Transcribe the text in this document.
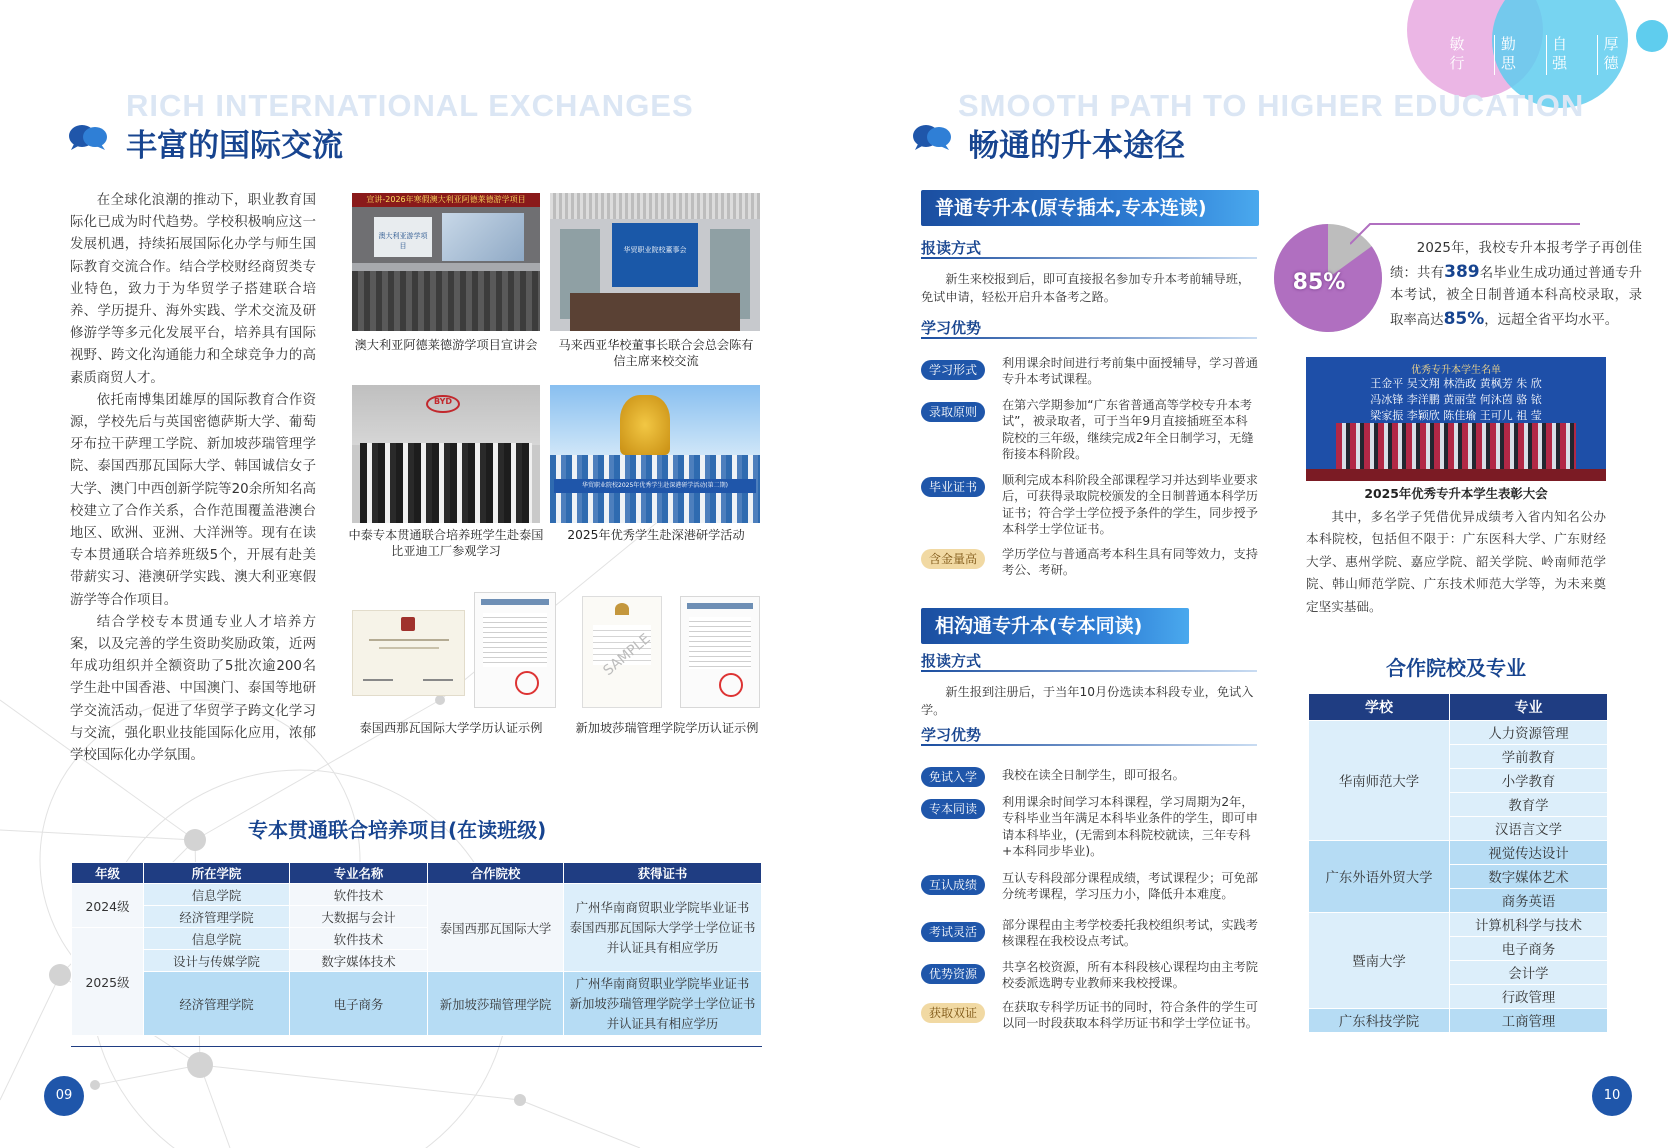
敏行
勤思
自强
厚德
RICH INTERNATIONAL EXCHANGES
丰富的国际交流

在全球化浪潮的推动下，职业教育国际化已成为时代趋势。学校积极响应这一发展机遇，持续拓展国际化办学与师生国际教育交流合作。结合学校财经商贸类专业特色，致力于为华贸学子搭建联合培养、学历提升、海外实践、学术交流及研修游学等多元化发展平台，培养具有国际视野、跨文化沟通能力和全球竞争力的高素质商贸人才。

依托南博集团雄厚的国际教育合作资源，学校先后与英国密德萨斯大学、葡萄牙布拉干萨理工学院、新加坡莎瑞管理学院、泰国西那瓦国际大学、韩国诚信女子大学、澳门中西创新学院等20余所知名高校建立了合作关系，合作范围覆盖港澳台地区、欧洲、亚洲、大洋洲等。现有在读专本贯通联合培养班级5个，开展有赴美带薪实习、港澳研学实践、澳大利亚寒假游学等合作项目。

结合学校专本贯通专业人才培养方案，以及完善的学生资助奖励政策，近两年成功组织并全额资助了5批次逾200名学生赴中国香港、中国澳门、泰国等地研学交流活动，促进了华贸学子跨文化学习与交流，强化职业技能国际化应用，浓郁学校国际化办学氛围。

宣讲-2026年寒假澳大利亚阿德莱德游学项目
澳大利亚游学项目
澳大利亚阿德莱德游学项目宣讲会
华贸职业院校董事会
马来西亚华校董事长联合会总会陈有信主席来校交流
BYD
中泰专本贯通联合培养班学生赴泰国比亚迪工厂参观学习
华贸职业院校2025年优秀学生赴深港研学活动(第二期)
2025年优秀学生赴深港研学活动
泰国西那瓦国际大学学历认证示例
SAMPLE
新加坡莎瑞管理学院学历认证示例
专本贯通联合培养项目(在读班级)
年级	所在学院	专业名称	合作院校	获得证书
2024级	信息学院	软件技术	泰国西那瓦国际大学	广州华南商贸职业学院毕业证书
泰国西那瓦国际大学学士学位证书
并认证具有相应学历
	经济管理学院	大数据与会计		
2025级	信息学院	软件技术		
	设计与传媒学院	数字媒体技术		
	经济管理学院	电子商务	新加坡莎瑞管理学院	广州华南商贸职业学院毕业证书
新加坡莎瑞管理学院学士学位证书
并认证具有相应学历
09
SMOOTH PATH TO HIGHER EDUCATION
畅通的升本途径
普通专升本(原专插本,专本连读)
报读方式
新生来校报到后，即可直接报名参加专升本考前辅导班，免试申请，轻松开启升本备考之路。
学习优势
学习形式	利用课余时间进行考前集中面授辅导，学习普通专升本考试课程。
录取原则	在第六学期参加“广东省普通高等学校专升本考试”，被录取者，可于当年9月直接插班至本科院校的三年级，继续完成2年全日制学习，无缝衔接本科阶段。
毕业证书	顺利完成本科阶段全部课程学习并达到毕业要求后，可获得录取院校颁发的全日制普通本科学历证书；符合学士学位授予条件的学生，同步授予本科学士学位证书。
含金量高	学历学位与普通高考本科生具有同等效力，支持考公、考研。
相沟通专升本(专本同读)
报读方式
新生报到注册后，于当年10月份选读本科段专业，免试入学。
学习优势
免试入学	我校在读全日制学生，即可报名。
专本同读	利用课余时间学习本科课程，学习周期为2年，专科毕业当年满足本科毕业条件的学生，即可申请本科毕业，(无需到本科院校就读，三年专科+本科同步毕业)。
互认成绩	互认专科段部分课程成绩，考试课程少；可免部分统考课程，学习压力小，降低升本难度。
考试灵活	部分课程由主考学校委托我校组织考试，实践考核课程在我校设点考试。
优势资源	共享名校资源，所有本科段核心课程均由主考院校委派选聘专业教师来我校授课。
获取双证	在获取专科学历证书的同时，符合条件的学生可以同一时段获取本科学历证书和学士学位证书。
85%
2025年，我校专升本报考学子再创佳绩：共有389名毕业生成功通过普通专升本考试，被全日制普通本科高校录取，录取率高达85%，远超全省平均水平。
优秀专升本学生名单
王金平 吴文翔 林浩政 黄枫芳 朱 欣
冯冰锋 李洋鹏 黄丽莹 何沐茵 骆 铱
梁家振 李颖欣 陈佳瑜 王可儿 祖 莹
2025年优秀专升本学生表彰大会
其中，多名学子凭借优异成绩考入省内知名公办本科院校，包括但不限于：广东医科大学、广东财经大学、惠州学院、嘉应学院、韶关学院、岭南师范学院、韩山师范学院、广东技术师范大学等，为未来奠定坚实基础。
合作院校及专业
学校	专业
华南师范大学	人力资源管理
	学前教育
	小学教育
	教育学
	汉语言文学
广东外语外贸大学	视觉传达设计
	数字媒体艺术
	商务英语
暨南大学	计算机科学与技术
	电子商务
	会计学
	行政管理
广东科技学院	工商管理
10
